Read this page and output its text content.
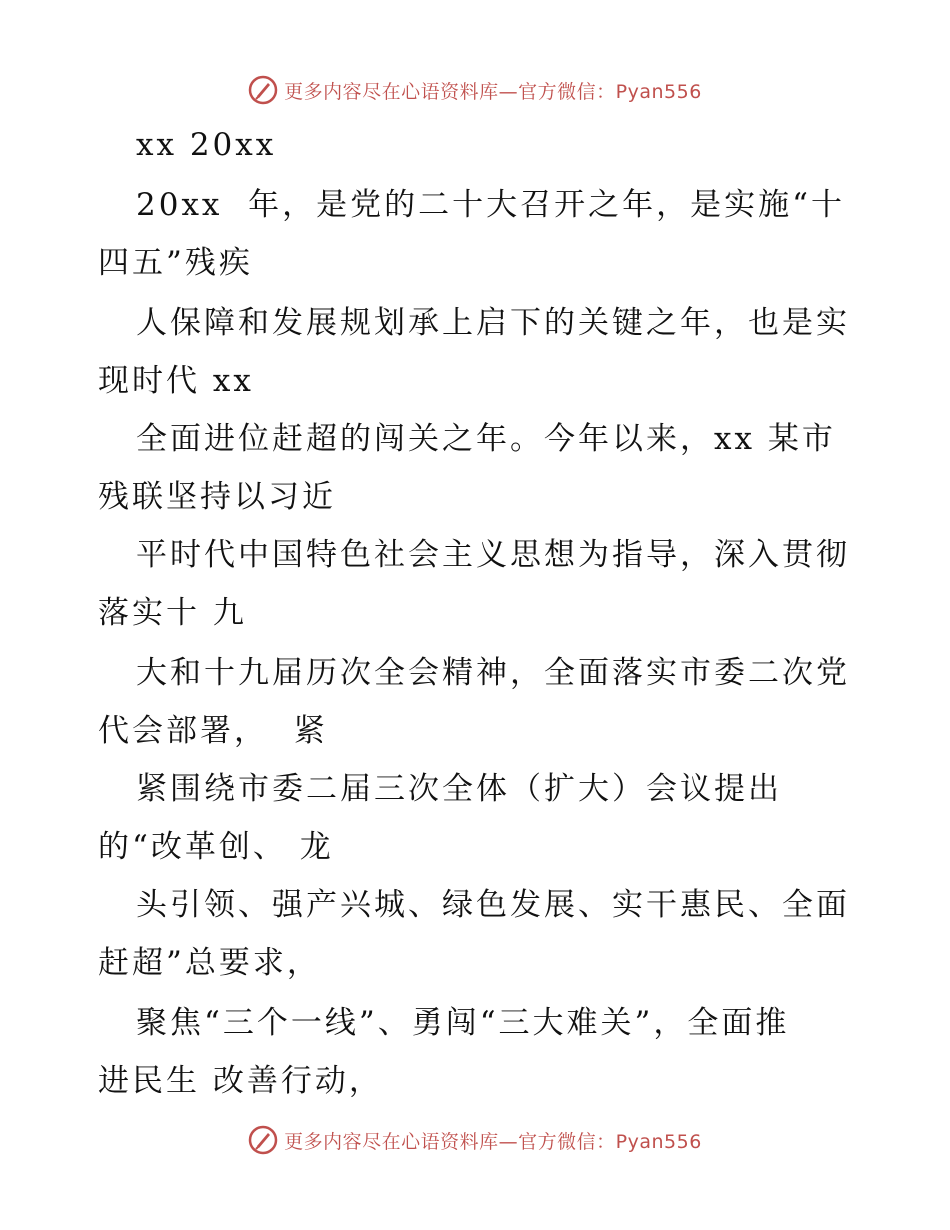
更多内容尽在心语资料库—官方微信：Pyan556
xx 20xx
20xx  年，是党的二十大召开之年，是实施“十
四五”残疾
人保障和发展规划承上启下的关键之年，也是实
现时代 xx
全面进位赶超的闯关之年。今年以来，xx 某市
残联坚持以习近
平时代中国特色社会主义思想为指导，深入贯彻
落实十 九
大和十九届历次全会精神，全面落实市委二次党
代会部署，  紧
紧围绕市委二届三次全体（扩大）会议提出
的“改革创、 龙
头引领、强产兴城、绿色发展、实干惠民、全面
赶超”总要求，
聚焦“三个一线”、勇闯“三大难关”，全面推
进民生 改善行动，
更多内容尽在心语资料库—官方微信：Pyan556
